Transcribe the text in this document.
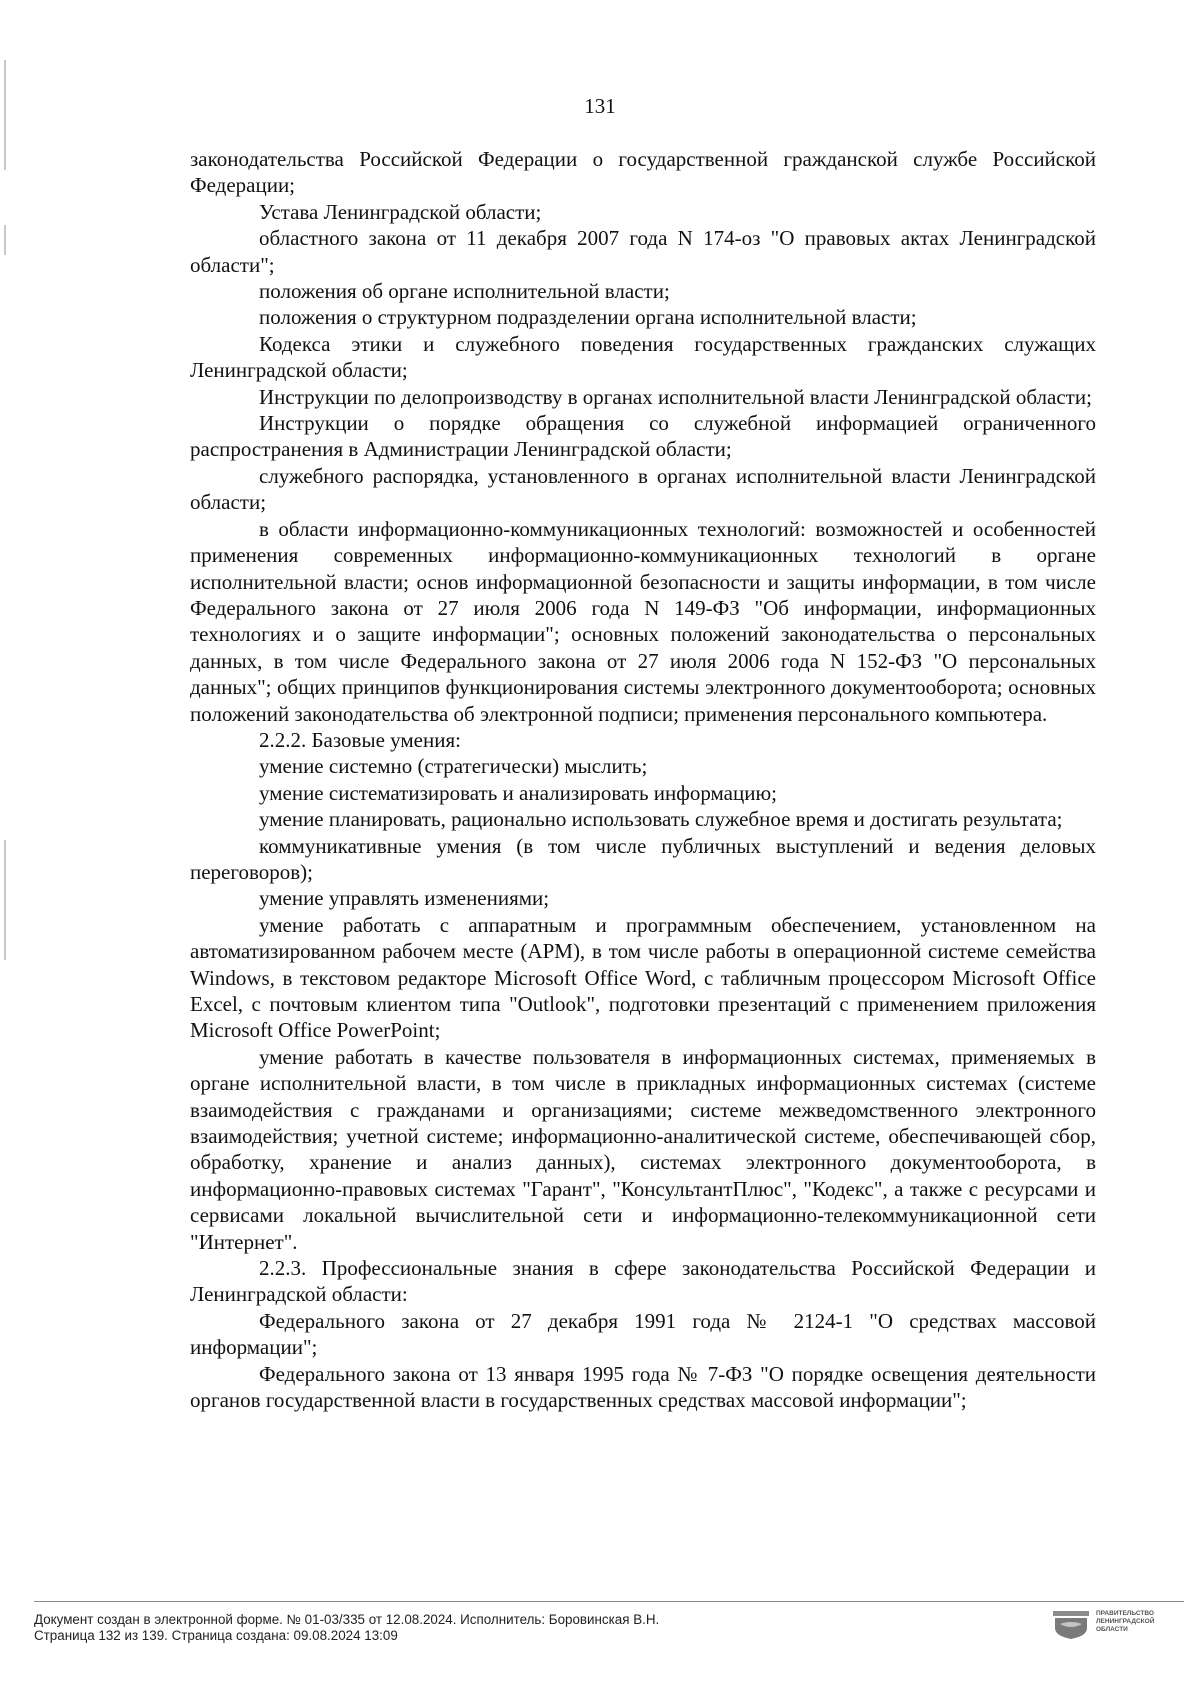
131

законодательства Российской Федерации о государственной гражданской службе Российской Федерации;

Устава Ленинградской области;

областного закона от 11 декабря 2007 года N 174-оз "О правовых актах Ленинградской области";

положения об органе исполнительной власти;

положения о структурном подразделении органа исполнительной власти;

Кодекса этики и служебного поведения государственных гражданских служащих Ленинградской области;

Инструкции по делопроизводству в органах исполнительной власти Ленинградской области;

Инструкции о порядке обращения со служебной информацией ограниченного распространения в Администрации Ленинградской области;

служебного распорядка, установленного в органах исполнительной власти Ленинградской области;

в области информационно-коммуникационных технологий: возможностей и особенностей применения современных информационно-коммуникационных технологий в органе исполнительной власти; основ информационной безопасности и защиты информации, в том числе Федерального закона от 27 июля 2006 года N 149-ФЗ "Об информации, информационных технологиях и о защите информации"; основных положений законодательства о персональных данных, в том числе Федерального закона от 27 июля 2006 года N 152-ФЗ "О персональных данных"; общих принципов функционирования системы электронного документооборота; основных положений законодательства об электронной подписи; применения персонального компьютера.

2.2.2. Базовые умения:

умение системно (стратегически) мыслить;

умение систематизировать и анализировать информацию;

умение планировать, рационально использовать служебное время и достигать результата;

коммуникативные умения (в том числе публичных выступлений и ведения деловых переговоров);

умение управлять изменениями;

умение работать с аппаратным и программным обеспечением, установленном на автоматизированном рабочем месте (АРМ), в том числе работы в операционной системе семейства Windows, в текстовом редакторе Microsoft Office Word, с табличным процессором Microsoft Office Excel, с почтовым клиентом типа "Outlook", подготовки презентаций с применением приложения Microsoft Office PowerPoint;

умение работать в качестве пользователя в информационных системах, применяемых в органе исполнительной власти, в том числе в прикладных информационных системах (системе взаимодействия с гражданами и организациями; системе межведомственного электронного взаимодействия; учетной системе; информационно-аналитической системе, обеспечивающей сбор, обработку, хранение и анализ данных), системах электронного документооборота, в информационно-правовых системах "Гарант", "КонсультантПлюс", "Кодекс", а также с ресурсами и сервисами локальной вычислительной сети и информационно-телекоммуникационной сети "Интернет".

2.2.3. Профессиональные знания в сфере законодательства Российской Федерации и Ленинградской области:

Федерального закона от 27 декабря 1991 года № 2124-1 "О средствах массовой информации";

Федерального закона от 13 января 1995 года № 7-ФЗ "О порядке освещения деятельности органов государственной власти в государственных средствах массовой информации";

Документ создан в электронной форме. № 01-03/335 от 12.08.2024. Исполнитель: Боровинская В.Н.
Страница 132 из 139. Страница создана: 09.08.2024 13:09
ПРАВИТЕЛЬСТВО
ЛЕНИНГРАДСКОЙ
ОБЛАСТИ
